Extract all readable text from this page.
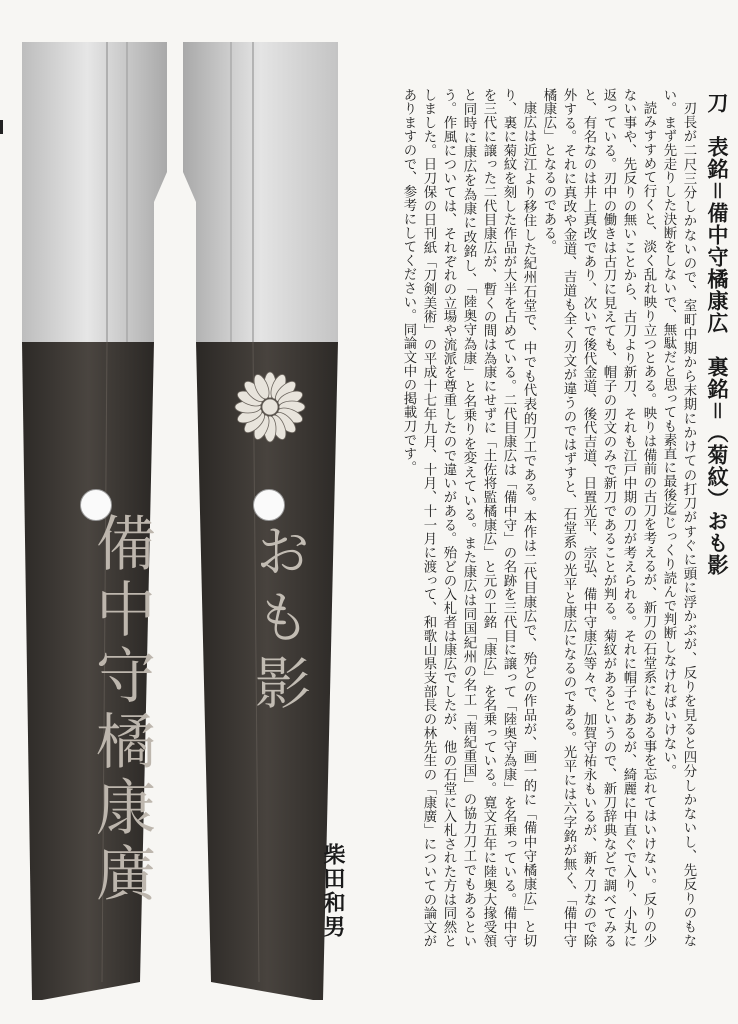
備中守橘康廣 おも影
柴田和男
刀　表銘＝備中守橘康広　裏銘＝（菊紋）おも影

刃長が二尺三分しかないので、室町中期から末期にかけての打刀がすぐに頭に浮かぶが、反りを見ると四分しかないし、先反りのもない。まず先走りした決断をしないで、無駄だと思っても素直に最後迄じっくり読んで判断しなければいけない。

読みすすめて行くと、淡く乱れ映り立つとある。映りは備前の古刀を考えるが、新刀の石堂系にもある事を忘れてはいけない。反りの少ない事や、先反りの無いことから、古刀より新刀、それも江戸中期の刀が考えられる。それに帽子であるが、綺麗に中直ぐで入り、小丸に返っている。刃中の働きは古刀に見えても、帽子の刃文のみで新刀であることが判る。菊紋があるというので、新刀辞典などで調べてみると、有名なのは井上真改であり、次いで後代金道、後代吉道、日置光平、宗弘、備中守康広等々で、加賀守祐永もいるが、新々刀なので除外する。それに真改や金道、吉道も全く刃文が違うのではずすと、石堂系の光平と康広になるのである。光平には六字銘が無く、「備中守橘康広」となるのである。

康広は近江より移住した紀州石堂で、中でも代表的刀工である。本作は二代目康広で、殆どの作品が、画一的に「備中守橘康広」と切り、裏に菊紋を刻した作品が大半を占めている。二代目康広は「備中守」の名跡を三代目に譲って「陸奥守為康」を名乗っている。備中守を三代に譲った二代目康広が、暫くの間は為康にせずに「土佐将監橘康広」と元の工銘「康広」を名乗っている。寛文五年に陸奥大掾受領と同時に康広を為康に改銘し、「陸奥守為康」と名乗りを変えている。また康広は同国紀州の名工「南紀重国」の協力刀工でもあるという。作風については、それぞれの立場や流派を尊重したので違いがある。殆どの入札者は康広でしたが、他の石堂に入札された方は同然としました。日刀保の日刊紙「刀剣美術」の平成十七年九月、十月、十一月に渡って、和歌山県支部長の林先生の「康廣」についての論文がありますので、参考にしてください。同論文中の掲載刀です。
